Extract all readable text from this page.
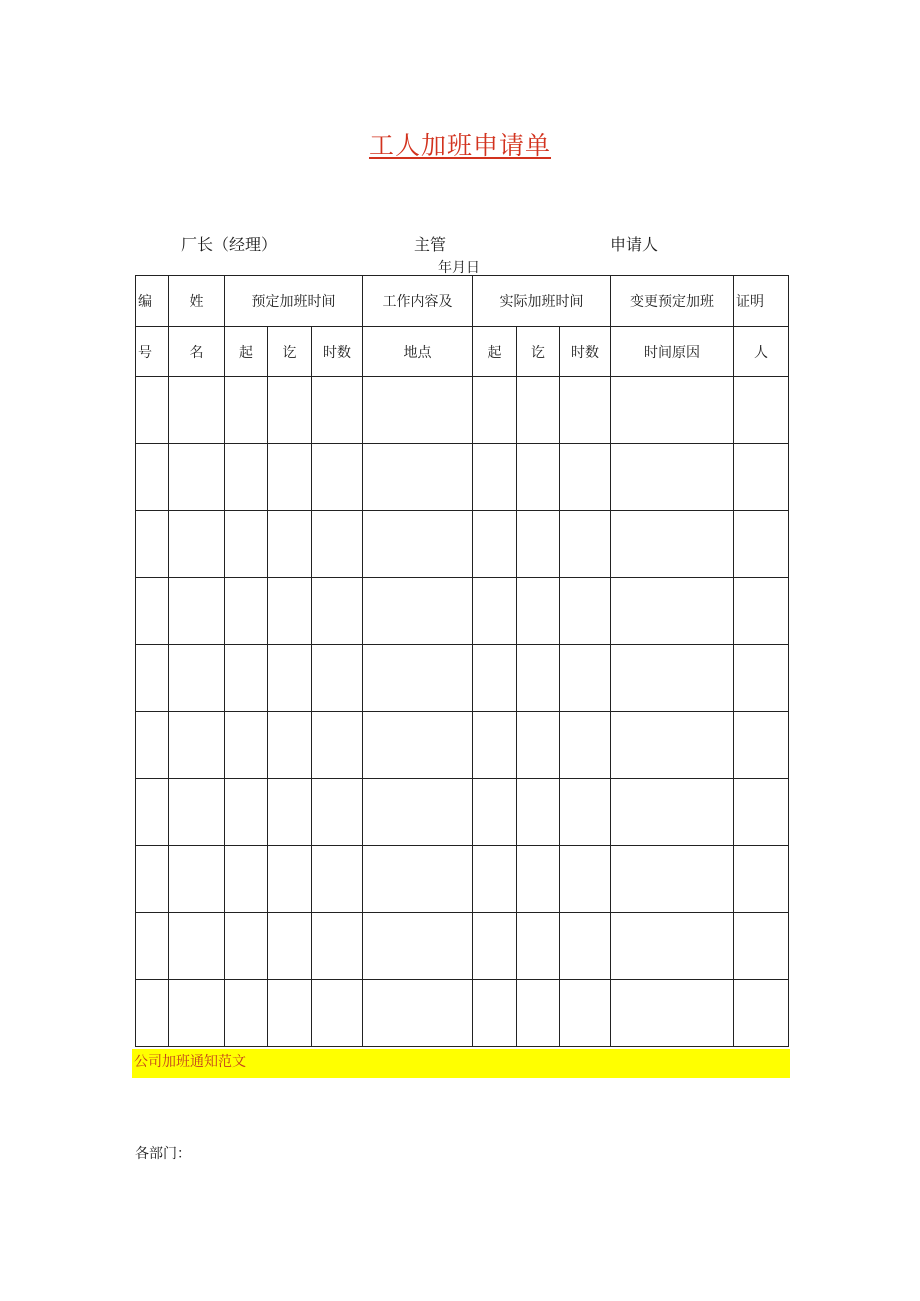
工人加班申请单
厂长（经理）	主管	申请人
年月日
编	姓	预定加班时间			工作内容及	实际加班时间			变更预定加班	证明
号	名	起	讫	时数	地点	起	讫	时数	时间原因	人

公司加班通知范文
各部门：
